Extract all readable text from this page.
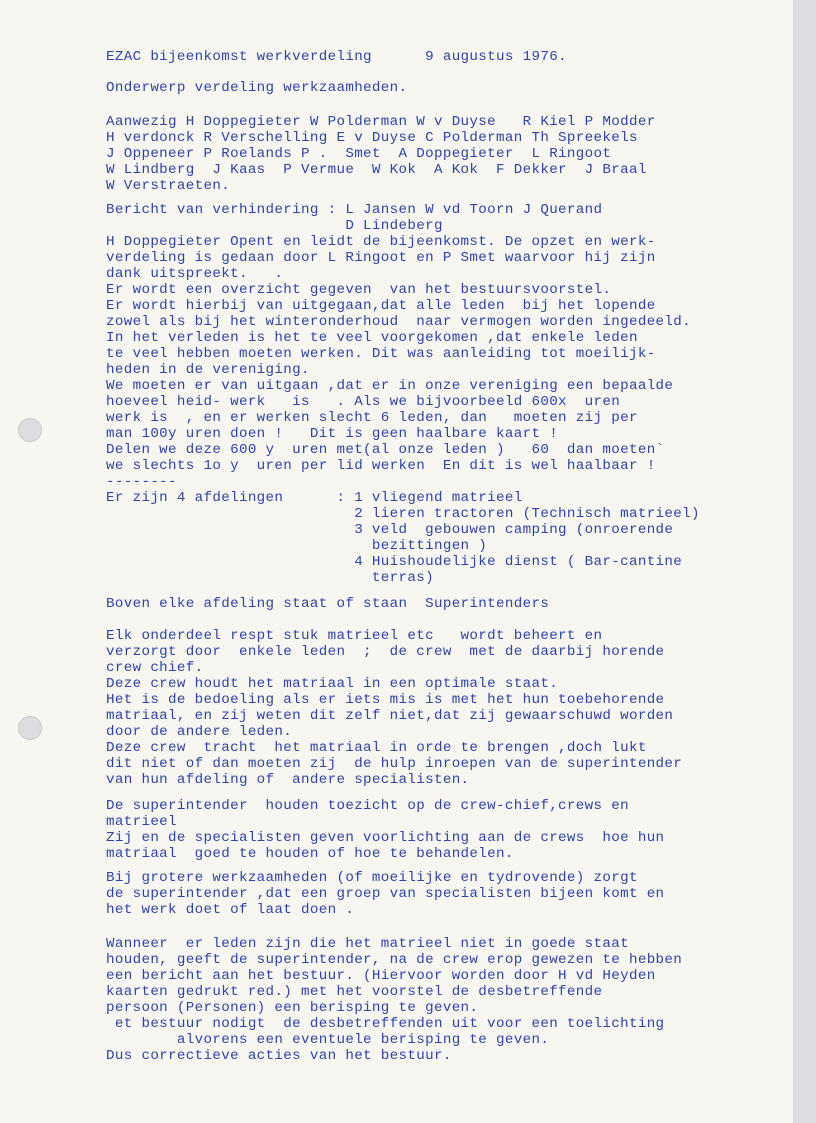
EZAC bijeenkomst werkverdeling      9 augustus 1976.

Onderwerp verdeling werkzaamheden.

Aanwezig H Doppegieter W Polderman W v Duyse   R Kiel P Modder

H verdonck R Verschelling E v Duyse C Polderman Th Spreekels

J Oppeneer P Roelands P .  Smet  A Doppegieter  L Ringoot

W Lindberg  J Kaas  P Vermue  W Kok  A Kok  F Dekker  J Braal

W Verstraeten.

Bericht van verhindering : L Jansen W vd Toorn J Querand

D Lindeberg

H Doppegieter Opent en leidt de bijeenkomst. De opzet en werk-

verdeling is gedaan door L Ringoot en P Smet waarvoor hij zijn

dank uitspreekt.   .

Er wordt een overzicht gegeven  van het bestuursvoorstel.

Er wordt hierbij van uitgegaan,dat alle leden  bij het lopende

zowel als bij het winteronderhoud  naar vermogen worden ingedeeld.

In het verleden is het te veel voorgekomen ,dat enkele leden

te veel hebben moeten werken. Dit was aanleiding tot moeilijk-

heden in de vereniging.

We moeten er van uitgaan ,dat er in onze vereniging een bepaalde

hoeveel heid- werk   is   . Als we bijvoorbeeld 600x  uren

werk is  , en er werken slecht 6 leden, dan   moeten zij per

man 100y uren doen !   Dit is geen haalbare kaart !

Delen we deze 600 y  uren met(al onze leden )   60  dan moeten`

we slechts 1o y  uren per lid werken  En dit is wel haalbaar !

--------

Er zijn 4 afdelingen      : 1 vliegend matrieel

2 lieren tractoren (Technisch matrieel)

3 veld  gebouwen camping (onroerende

bezittingen )

4 Huishoudelijke dienst ( Bar-cantine

terras)

Boven elke afdeling staat of staan  Superintenders

Elk onderdeel respt stuk matrieel etc   wordt beheert en

verzorgt door  enkele leden  ;  de crew  met de daarbij horende

crew chief.

Deze crew houdt het matriaal in een optimale staat.

Het is de bedoeling als er iets mis is met het hun toebehorende

matriaal, en zij weten dit zelf niet,dat zij gewaarschuwd worden

door de andere leden.

Deze crew  tracht  het matriaal in orde te brengen ,doch lukt

dit niet of dan moeten zij  de hulp inroepen van de superintender

van hun afdeling of  andere specialisten.

De superintender  houden toezicht op de crew-chief,crews en

matrieel

Zij en de specialisten geven voorlichting aan de crews  hoe hun

matriaal  goed te houden of hoe te behandelen.

Bij grotere werkzaamheden (of moeilijke en tydrovende) zorgt

de superintender ,dat een groep van specialisten bijeen komt en

het werk doet of laat doen .

Wanneer  er leden zijn die het matrieel niet in goede staat

houden, geeft de superintender, na de crew erop gewezen te hebben

een bericht aan het bestuur. (Hiervoor worden door H vd Heyden

kaarten gedrukt red.) met het voorstel de desbetreffende

persoon (Personen) een berisping te geven.

et bestuur nodigt  de desbetreffenden uit voor een toelichting

alvorens een eventuele berisping te geven.

Dus correctieve acties van het bestuur.
